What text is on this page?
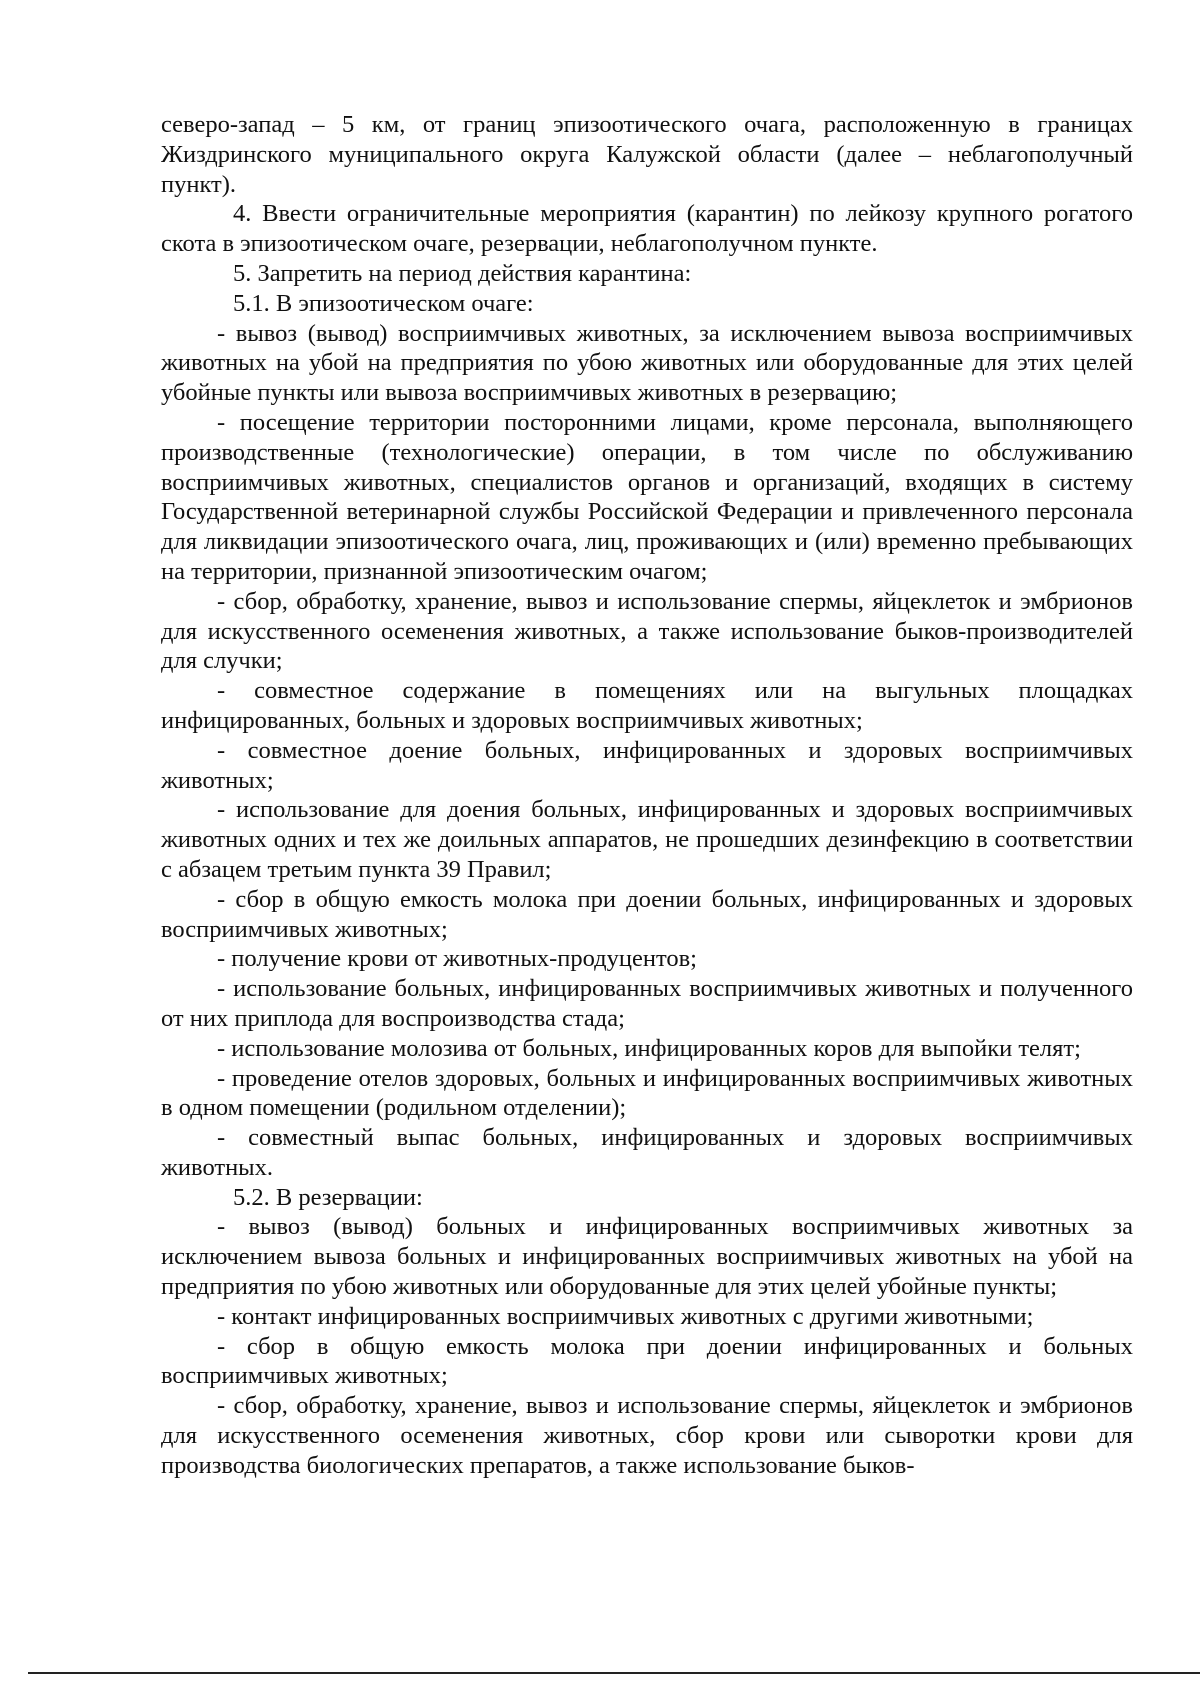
северо-запад – 5 км, от границ эпизоотического очага, расположенную в границах Жиздринского муниципального округа Калужской области (далее – неблагополучный пункт).

4. Ввести ограничительные мероприятия (карантин) по лейкозу крупного рогатого скота в эпизоотическом очаге, резервации, неблагополучном пункте.

5. Запретить на период действия карантина:

5.1. В эпизоотическом очаге:

- вывоз (вывод) восприимчивых животных, за исключением вывоза восприимчивых животных на убой на предприятия по убою животных или оборудованные для этих целей убойные пункты или вывоза восприимчивых животных в резервацию;

- посещение территории посторонними лицами, кроме персонала, выполняющего производственные (технологические) операции, в том числе по обслуживанию восприимчивых животных, специалистов органов и организаций, входящих в систему Государственной ветеринарной службы Российской Федерации и привлеченного персонала для ликвидации эпизоотического очага, лиц, проживающих и (или) временно пребывающих на территории, признанной эпизоотическим очагом;

- сбор, обработку, хранение, вывоз и использование спермы, яйцеклеток и эмбрионов для искусственного осеменения животных, а также использование быков-производителей для случки;

- совместное содержание в помещениях или на выгульных площадках инфицированных, больных и здоровых восприимчивых животных;

- совместное доение больных, инфицированных и здоровых восприимчивых животных;

- использование для доения больных, инфицированных и здоровых восприимчивых животных одних и тех же доильных аппаратов, не прошедших дезинфекцию в соответствии с абзацем третьим пункта 39 Правил;

- сбор в общую емкость молока при доении больных, инфицированных и здоровых восприимчивых животных;

- получение крови от животных-продуцентов;

- использование больных, инфицированных восприимчивых животных и полученного от них приплода для воспроизводства стада;

- использование молозива от больных, инфицированных коров для выпойки телят;

- проведение отелов здоровых, больных и инфицированных восприимчивых животных в одном помещении (родильном отделении);

- совместный выпас больных, инфицированных и здоровых восприимчивых животных.

5.2. В резервации:

- вывоз (вывод) больных и инфицированных восприимчивых животных за исключением вывоза больных и инфицированных восприимчивых животных на убой на предприятия по убою животных или оборудованные для этих целей убойные пункты;

- контакт инфицированных восприимчивых животных с другими животными;

- сбор в общую емкость молока при доении инфицированных и больных восприимчивых животных;

- сбор, обработку, хранение, вывоз и использование спермы, яйцеклеток и эмбрионов для искусственного осеменения животных, сбор крови или сыворотки крови для производства биологических препаратов, а также использование быков-
